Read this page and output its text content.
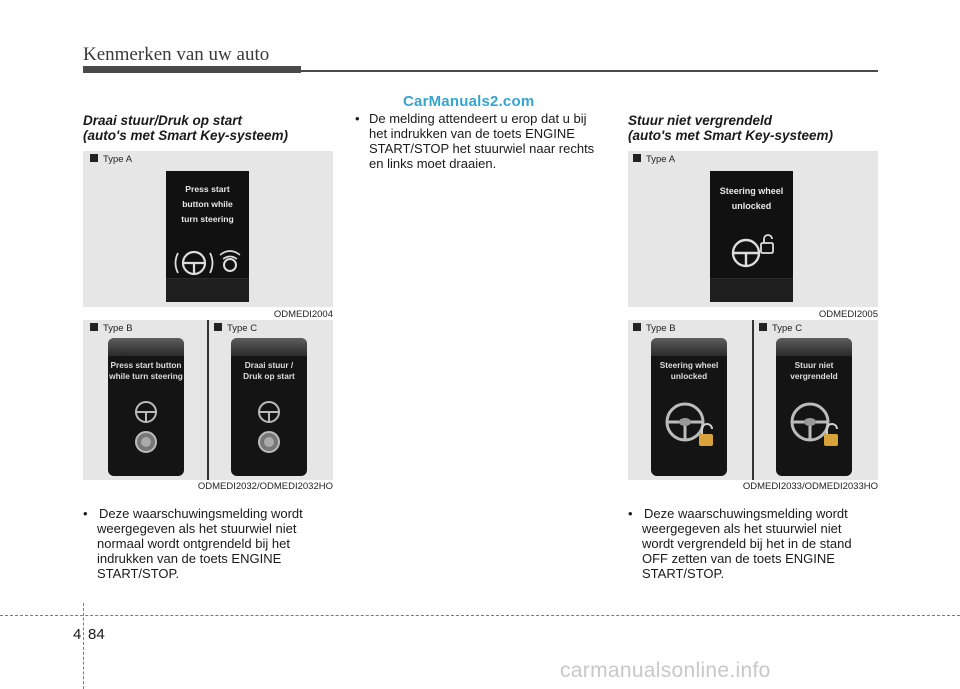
Kenmerken van uw auto
CarManuals2.com
Draai stuur/Druk op start
(auto's met Smart Key-systeem)
Type A
Press start
button while
turn steering
ODMEDI2004
Type B	Type C
Press start button
while turn steering
Draai stuur /
Druk op start
ODMEDI2032/ODMEDI2032HO
• Deze waarschuwingsmelding wordt
weergegeven als het stuurwiel niet
normaal wordt ontgrendeld bij het
indrukken van de toets ENGINE
START/STOP.
• De melding attendeert u erop dat u bij
het indrukken van de toets ENGINE
START/STOP het stuurwiel naar rechts
en links moet draaien.
Stuur niet vergrendeld
(auto's met Smart Key-systeem)
Type A
Steering wheel
unlocked
ODMEDI2005
Type B	Type C
Steering wheel
unlocked
Stuur niet
vergrendeld
ODMEDI2033/ODMEDI2033HO
• Deze waarschuwingsmelding wordt
weergegeven als het stuurwiel niet
wordt vergrendeld bij het in de stand
OFF zetten van de toets ENGINE
START/STOP.
4 84
carmanualsonline.info
